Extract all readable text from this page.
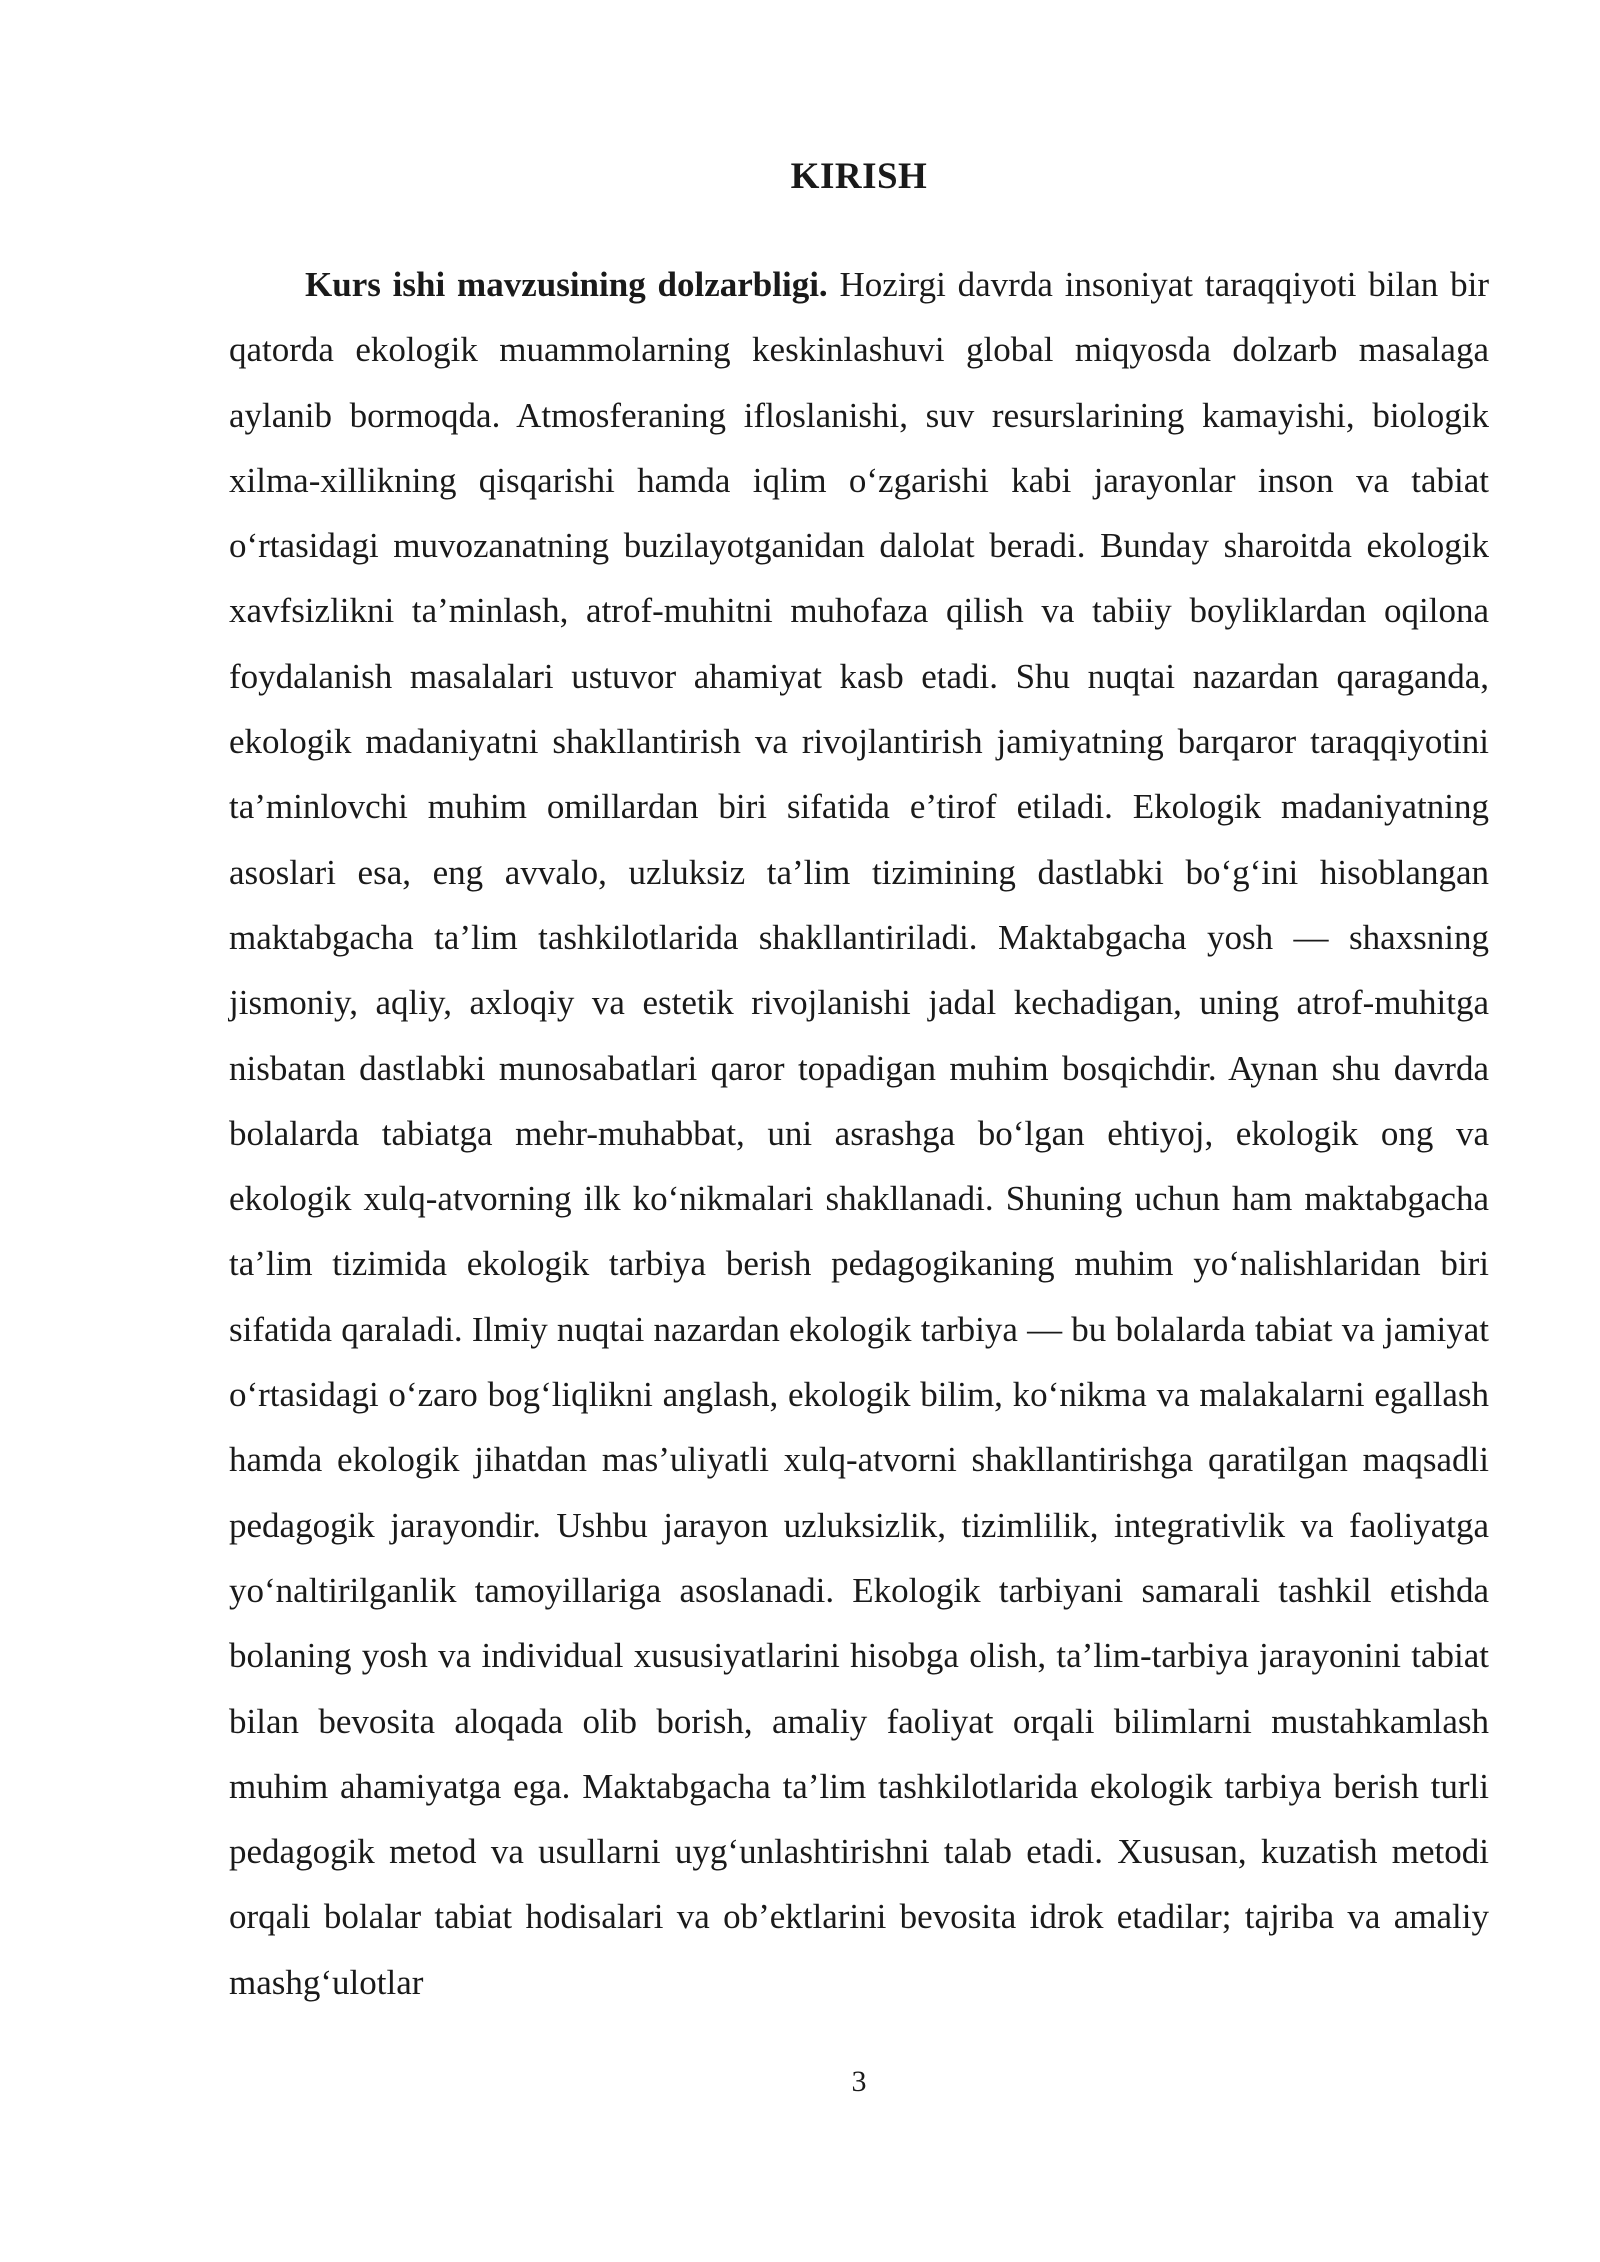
KIRISH

Kurs ishi mavzusining dolzarbligi. Hozirgi davrda insoniyat taraqqiyoti bilan bir qatorda ekologik muammolarning keskinlashuvi global miqyosda dolzarb masalaga aylanib bormoqda. Atmosferaning ifloslanishi, suv resurslarining kamayishi, biologik xilma-xillikning qisqarishi hamda iqlim oʻzgarishi kabi jarayonlar inson va tabiat oʻrtasidagi muvozanatning buzilayotganidan dalolat beradi. Bunday sharoitda ekologik xavfsizlikni ta’minlash, atrof-muhitni muhofaza qilish va tabiiy boyliklardan oqilona foydalanish masalalari ustuvor ahamiyat kasb etadi. Shu nuqtai nazardan qaraganda, ekologik madaniyatni shakllantirish va rivojlantirish jamiyatning barqaror taraqqiyotini ta’minlovchi muhim omillardan biri sifatida e’tirof etiladi. Ekologik madaniyatning asoslari esa, eng avvalo, uzluksiz ta’lim tizimining dastlabki boʻgʻini hisoblangan maktabgacha ta’lim tashkilotlarida shakllantiriladi. Maktabgacha yosh — shaxsning jismoniy, aqliy, axloqiy va estetik rivojlanishi jadal kechadigan, uning atrof-muhitga nisbatan dastlabki munosabatlari qaror topadigan muhim bosqichdir. Aynan shu davrda bolalarda tabiatga mehr-muhabbat, uni asrashga boʻlgan ehtiyoj, ekologik ong va ekologik xulq-atvorning ilk koʻnikmalari shakllanadi. Shuning uchun ham maktabgacha ta’lim tizimida ekologik tarbiya berish pedagogikaning muhim yoʻnalishlaridan biri sifatida qaraladi. Ilmiy nuqtai nazardan ekologik tarbiya — bu bolalarda tabiat va jamiyat oʻrtasidagi oʻzaro bogʻliqlikni anglash, ekologik bilim, koʻnikma va malakalarni egallash hamda ekologik jihatdan mas’uliyatli xulq-atvorni shakllantirishga qaratilgan maqsadli pedagogik jarayondir. Ushbu jarayon uzluksizlik, tizimlilik, integrativlik va faoliyatga yoʻnaltirilganlik tamoyillariga asoslanadi. Ekologik tarbiyani samarali tashkil etishda bolaning yosh va individual xususiyatlarini hisobga olish, ta’lim-tarbiya jarayonini tabiat bilan bevosita aloqada olib borish, amaliy faoliyat orqali bilimlarni mustahkamlash muhim ahamiyatga ega. Maktabgacha ta’lim tashkilotlarida ekologik tarbiya berish turli pedagogik metod va usullarni uygʻunlashtirishni talab etadi. Xususan, kuzatish metodi orqali bolalar tabiat hodisalari va ob’ektlarini bevosita idrok etadilar; tajriba va amaliy mashgʻulotlar

3
